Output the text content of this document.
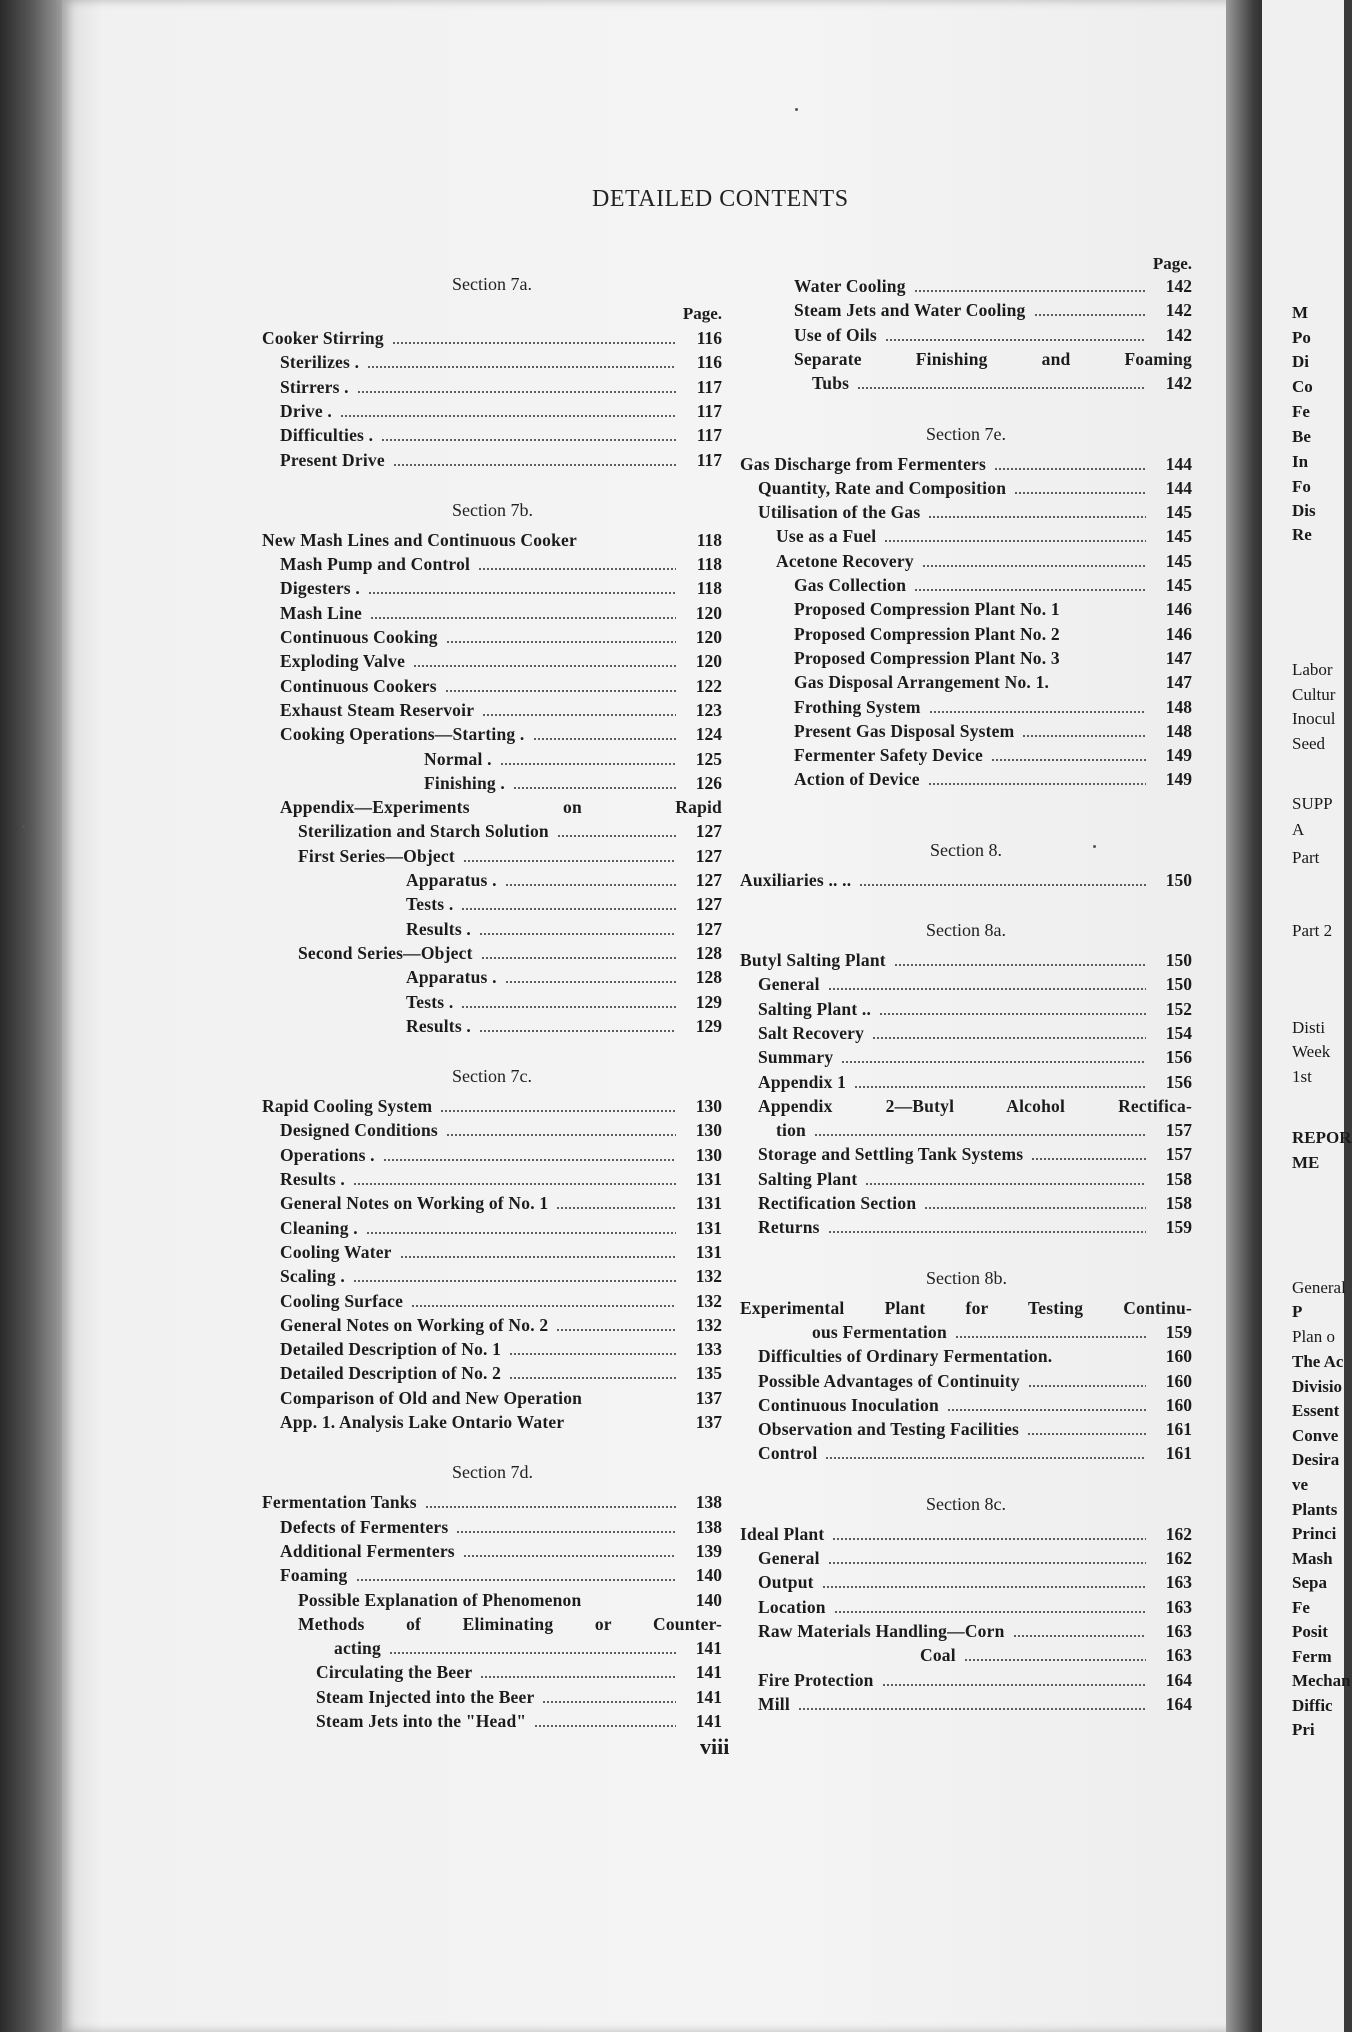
M
Po
Di
Co
Fe
Be
In
Fo
Dis
Re
Labor
Cultur
Inocul
Seed
SUPP
A
Part
Part 2
Disti
Week
1st
REPOR
ME
General
P
Plan o
The Ac
Divisio
Essent
Conve
Desira
ve
Plants
Princi
Mash
Sepa
Fe
Posit
Ferm
Mechan
Diffic
Pri
DETAILED CONTENTS
Section 7a.
Page.
Cooker Stirring	116
Sterilizes .	116
Stirrers .	117
Drive .	117
Difficulties .	117
Present Drive	117
Section 7b.
New Mash Lines and Continuous Cooker	118
Mash Pump and Control	118
Digesters .	118
Mash Line	120
Continuous Cooking	120
Exploding Valve	120
Continuous Cookers	122
Exhaust Steam Reservoir	123
Cooking Operations—Starting .	124
Normal .	125
Finishing .	126
Appendix—Experiments on Rapid
Sterilization and Starch Solution	127
First Series—Object	127
Apparatus .	127
Tests .	127
Results .	127
Second Series—Object	128
Apparatus .	128
Tests .	129
Results .	129
Section 7c.
Rapid Cooling System	130
Designed Conditions	130
Operations .	130
Results .	131
General Notes on Working of No. 1	131
Cleaning .	131
Cooling Water	131
Scaling .	132
Cooling Surface	132
General Notes on Working of No. 2	132
Detailed Description of No. 1	133
Detailed Description of No. 2	135
Comparison of Old and New Operation	137
App. 1. Analysis Lake Ontario Water	137
Section 7d.
Fermentation Tanks	138
Defects of Fermenters	138
Additional Fermenters	139
Foaming	140
Possible Explanation of Phenomenon	140
Methods of Eliminating or Counter-
acting	141
Circulating the Beer	141
Steam Injected into the Beer	141
Steam Jets into the "Head"	141
Page.
Water Cooling	142
Steam Jets and Water Cooling	142
Use of Oils	142
Separate Finishing and Foaming
Tubs	142
Section 7e.
Gas Discharge from Fermenters	144
Quantity, Rate and Composition	144
Utilisation of the Gas	145
Use as a Fuel	145
Acetone Recovery	145
Gas Collection	145
Proposed Compression Plant No. 1	146
Proposed Compression Plant No. 2	146
Proposed Compression Plant No. 3	147
Gas Disposal Arrangement No. 1.	147
Frothing System	148
Present Gas Disposal System	148
Fermenter Safety Device	149
Action of Device	149
Section 8.
Auxiliaries .. ..	150
Section 8a.
Butyl Salting Plant	150
General	150
Salting Plant ..	152
Salt Recovery	154
Summary	156
Appendix 1	156
Appendix 2—Butyl Alcohol Rectifica-
tion	157
Storage and Settling Tank Systems	157
Salting Plant	158
Rectification Section	158
Returns	159
Section 8b.
Experimental Plant for Testing Continu-
ous Fermentation	159
Difficulties of Ordinary Fermentation.	160
Possible Advantages of Continuity	160
Continuous Inoculation	160
Observation and Testing Facilities	161
Control	161
Section 8c.
Ideal Plant	162
General	162
Output	163
Location	163
Raw Materials Handling—Corn	163
Coal	163
Fire Protection	164
Mill	164
viii
